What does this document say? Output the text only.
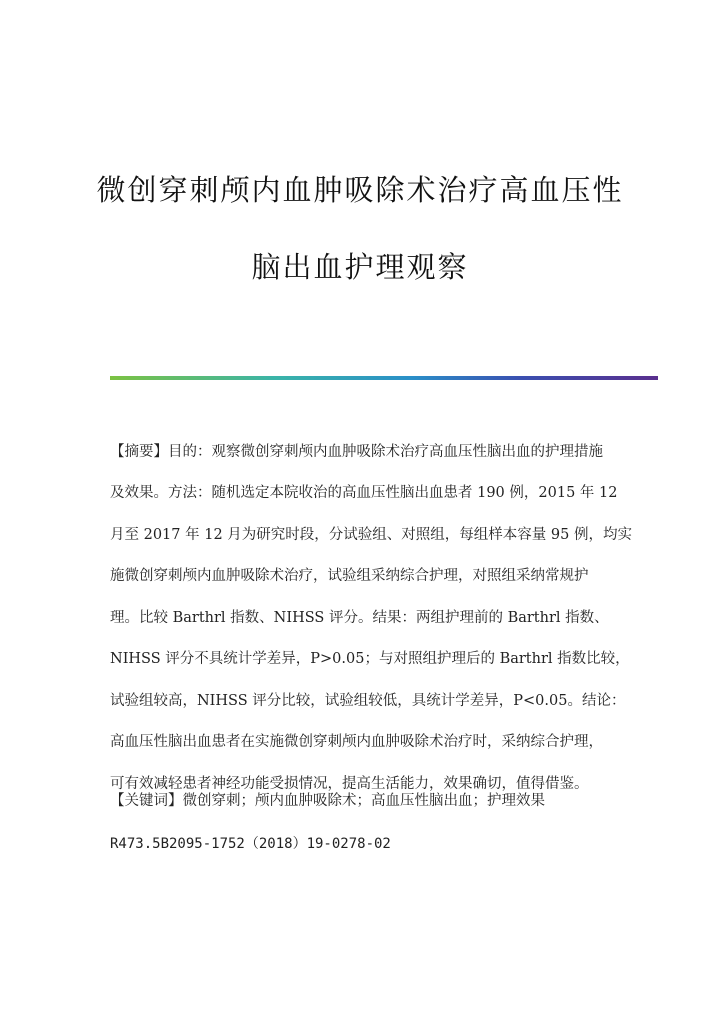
微创穿刺颅内血肿吸除术治疗高血压性
脑出血护理观察
【摘要】目的：观察微创穿刺颅内血肿吸除术治疗高血压性脑出血的护理措施
及效果。方法：随机选定本院收治的高血压性脑出血患者 190 例，2015 年 12
月至 2017 年 12 月为研究时段，分试验组、对照组，每组样本容量 95 例，均实
施微创穿刺颅内血肿吸除术治疗，试验组采纳综合护理，对照组采纳常规护
理。比较 Barthrl 指数、NIHSS 评分。结果：两组护理前的 Barthrl 指数、
NIHSS 评分不具统计学差异，P>0.05；与对照组护理后的 Barthrl 指数比较，
试验组较高，NIHSS 评分比较，试验组较低，具统计学差异，P<0.05。结论：
高血压性脑出血患者在实施微创穿刺颅内血肿吸除术治疗时，采纳综合护理，
可有效减轻患者神经功能受损情况，提高生活能力，效果确切，值得借鉴。
【关键词】微创穿刺；颅内血肿吸除术；高血压性脑出血；护理效果
R473.5B2095-1752（2018）19-0278-02
